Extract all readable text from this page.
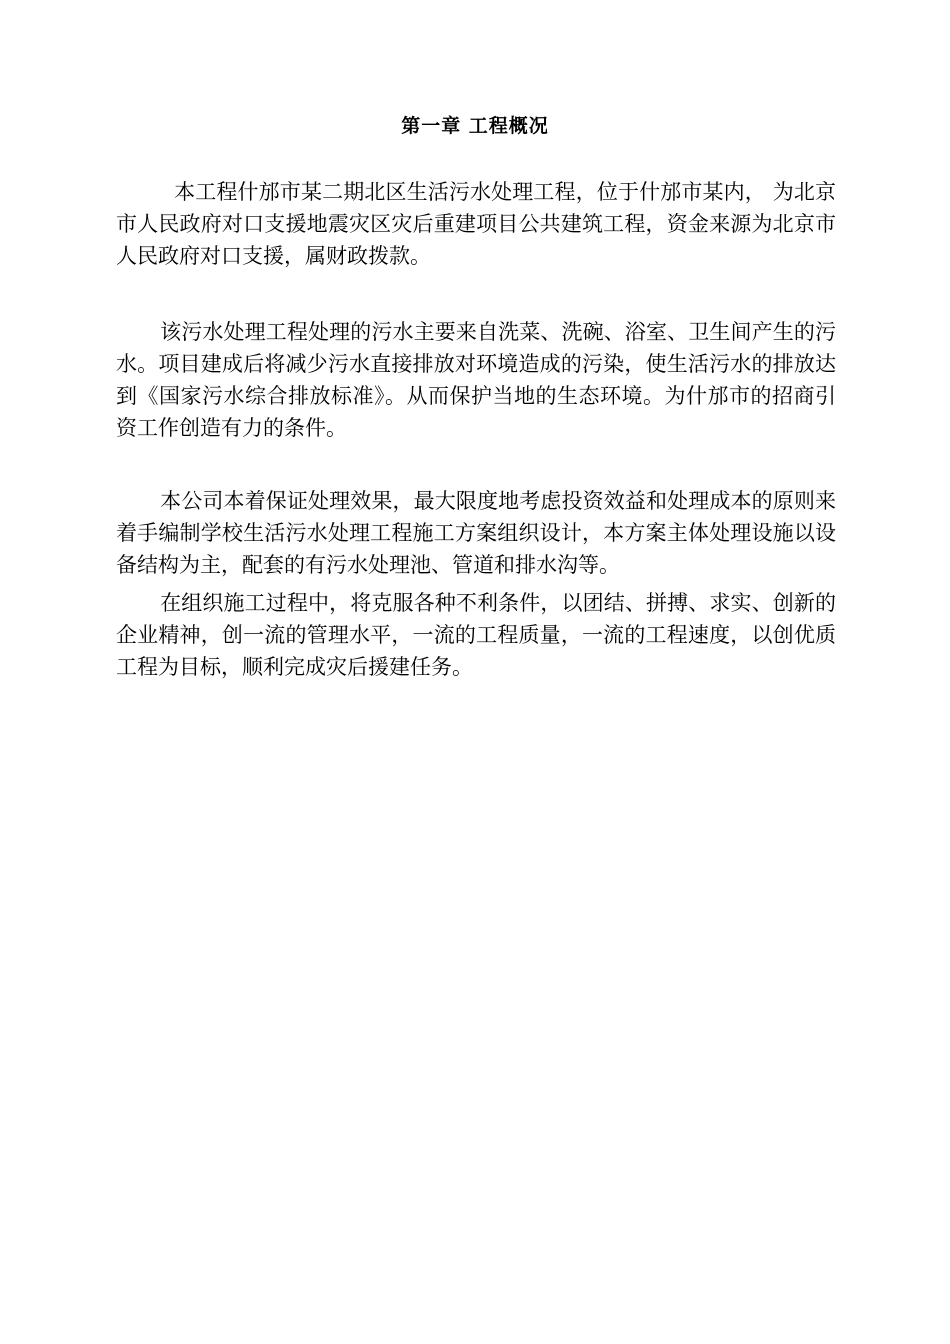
第一章 工程概况
本工程什邡市某二期北区生活污水处理工程，位于什邡市某内， 为北京市人民政府对口支援地震灾区灾后重建项目公共建筑工程，资金来源为北京市人民政府对口支援，属财政拨款。
该污水处理工程处理的污水主要来自洗菜、洗碗、浴室、卫生间产生的污水。项目建成后将减少污水直接排放对环境造成的污染，使生活污水的排放达到《国家污水综合排放标准》。从而保护当地的生态环境。为什邡市的招商引资工作创造有力的条件。
本公司本着保证处理效果，最大限度地考虑投资效益和处理成本的原则来着手编制学校生活污水处理工程施工方案组织设计，本方案主体处理设施以设备结构为主，配套的有污水处理池、管道和排水沟等。
在组织施工过程中，将克服各种不利条件，以团结、拼搏、求实、创新的企业精神，创一流的管理水平，一流的工程质量，一流的工程速度，以创优质工程为目标，顺利完成灾后援建任务。
